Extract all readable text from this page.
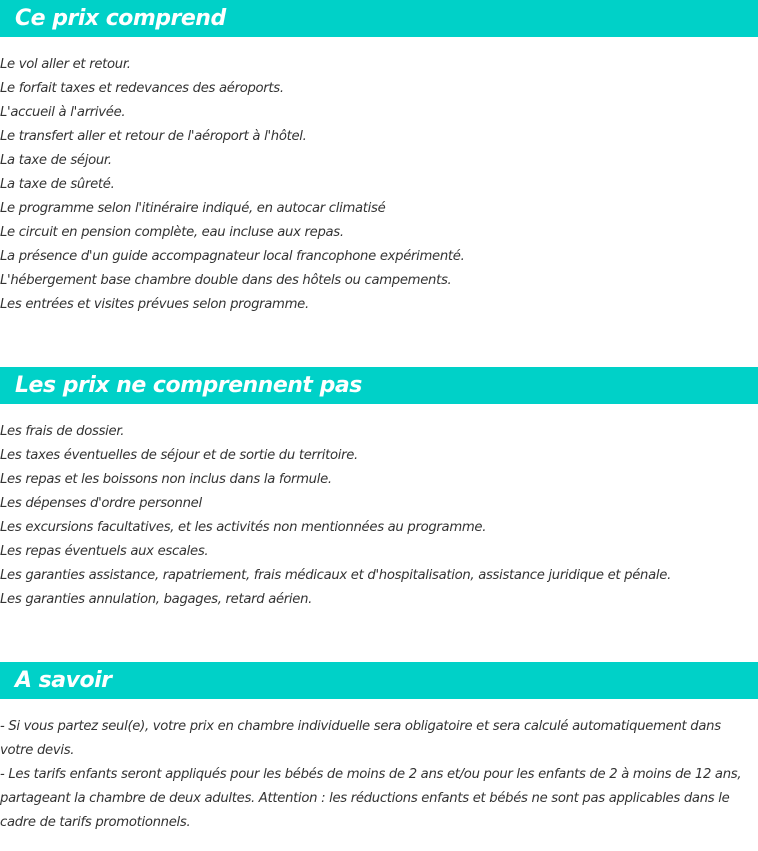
Ce prix comprend
Le vol aller et retour.
Le forfait taxes et redevances des aéroports.
L'accueil à l'arrivée.
Le transfert aller et retour de l'aéroport à l'hôtel.
La taxe de séjour.
La taxe de sûreté.
Le programme selon l'itinéraire indiqué, en autocar climatisé
Le circuit en pension complète, eau incluse aux repas.
La présence d'un guide accompagnateur local francophone expérimenté.
L'hébergement base chambre double dans des hôtels ou campements.
Les entrées et visites prévues selon programme.
Les prix ne comprennent pas
Les frais de dossier.
Les taxes éventuelles de séjour et de sortie du territoire.
Les repas et les boissons non inclus dans la formule.
Les dépenses d'ordre personnel
Les excursions facultatives, et les activités non mentionnées au programme.
Les repas éventuels aux escales.
Les garanties assistance, rapatriement, frais médicaux et d'hospitalisation, assistance juridique et pénale.
Les garanties annulation, bagages, retard aérien.
A savoir

- Si vous partez seul(e), votre prix en chambre individuelle sera obligatoire et sera calculé automatiquement dans votre devis.

- Les tarifs enfants seront appliqués pour les bébés de moins de 2 ans et/ou pour les enfants de 2 à moins de 12 ans, partageant la chambre de deux adultes. Attention : les réductions enfants et bébés ne sont pas applicables dans le cadre de tarifs promotionnels.
